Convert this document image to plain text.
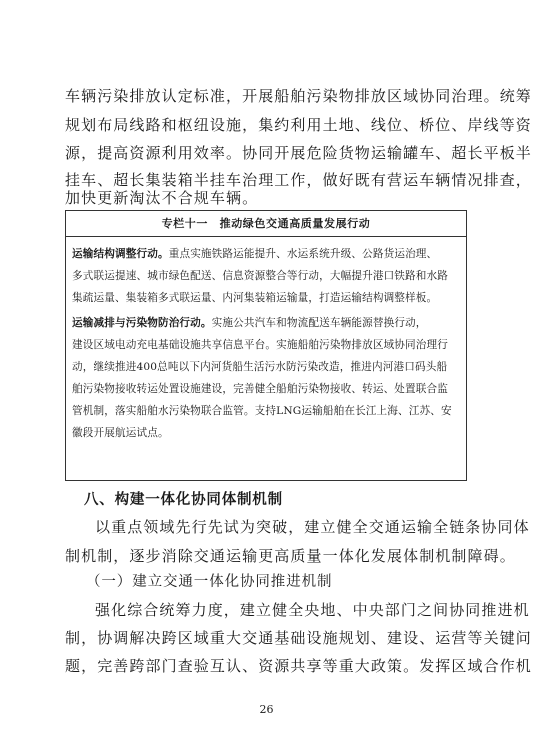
车辆污染排放认定标准，开展船舶污染物排放区域协同治理。统筹
规划布局线路和枢纽设施，集约利用土地、线位、桥位、岸线等资
源，提高资源利用效率。协同开展危险货物运输罐车、超长平板半
挂车、超长集装箱半挂车治理工作，做好既有营运车辆情况排查，
加快更新淘汰不合规车辆。
专栏十一　推动绿色交通高质量发展行动
运输结构调整行动。重点实施铁路运能提升、水运系统升级、公路货运治理、
多式联运提速、城市绿色配送、信息资源整合等行动，大幅提升港口铁路和水路
集疏运量、集装箱多式联运量、内河集装箱运输量，打造运输结构调整样板。
运输减排与污染物防治行动。实施公共汽车和物流配送车辆能源替换行动，
建设区域电动充电基础设施共享信息平台。实施船舶污染物排放区域协同治理行
动，继续推进400总吨以下内河货船生活污水防污染改造，推进内河港口码头船
舶污染物接收转运处置设施建设，完善健全船舶污染物接收、转运、处置联合监
管机制，落实船舶水污染物联合监管。支持LNG运输船舶在长江上海、江苏、安
徽段开展航运试点。
八、构建一体化协同体制机制
以重点领域先行先试为突破，建立健全交通运输全链条协同体
制机制，逐步消除交通运输更高质量一体化发展体制机制障碍。
（一）建立交通一体化协同推进机制
强化综合统筹力度，建立健全央地、中央部门之间协同推进机
制，协调解决跨区域重大交通基础设施规划、建设、运营等关键问
题，完善跨部门查验互认、资源共享等重大政策。发挥区域合作机
26
